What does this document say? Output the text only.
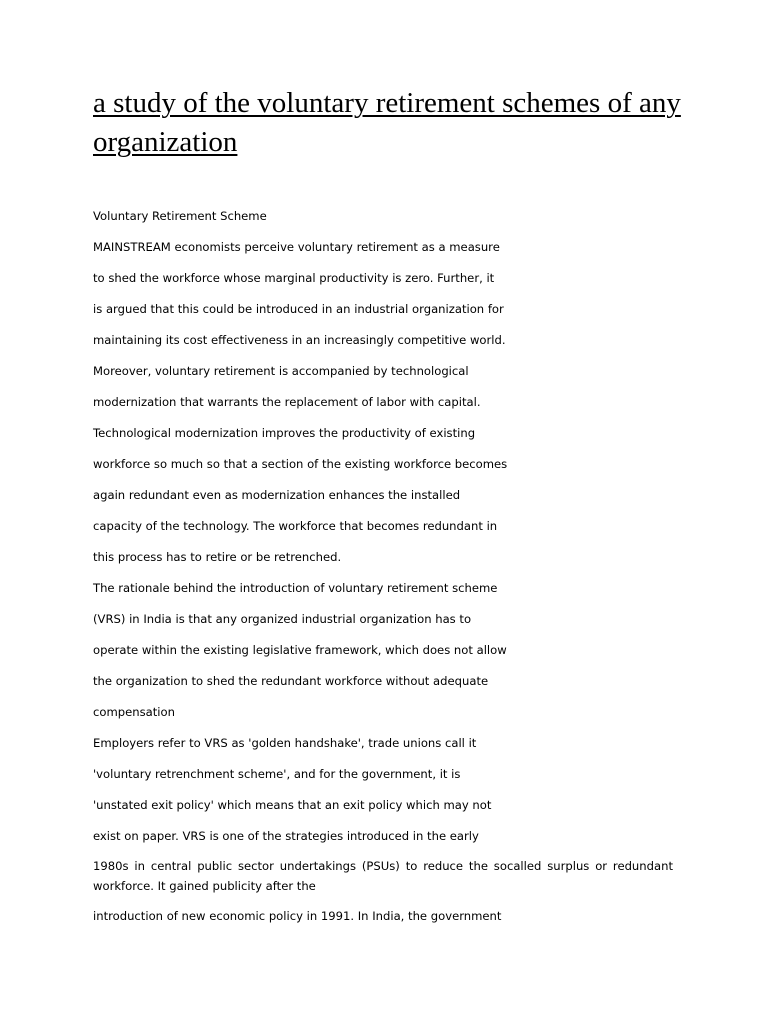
a study of the voluntary retirement schemes of any organization

Voluntary Retirement Scheme

MAINSTREAM economists perceive voluntary retirement as a measure

to shed the workforce whose marginal productivity is zero. Further, it

is argued that this could be introduced in an industrial organization for

maintaining its cost effectiveness in an increasingly competitive world.

Moreover, voluntary retirement is accompanied by technological

modernization that warrants the replacement of labor with capital.

Technological modernization improves the productivity of existing

workforce so much so that a section of the existing workforce becomes

again redundant even as modernization enhances the installed

capacity of the technology. The workforce that becomes redundant in

this process has to retire or be retrenched.

The rationale behind the introduction of voluntary retirement scheme

(VRS) in India is that any organized industrial organization has to

operate within the existing legislative framework, which does not allow

the organization to shed the redundant workforce without adequate

compensation

Employers refer to VRS as 'golden handshake', trade unions call it

'voluntary retrenchment scheme', and for the government, it is

'unstated exit policy' which means that an exit policy which may not

exist on paper. VRS is one of the strategies introduced in the early

1980s in central public sector undertakings (PSUs) to reduce the socalled surplus or redundant workforce. It gained publicity after the

introduction of new economic policy in 1991. In India, the government
